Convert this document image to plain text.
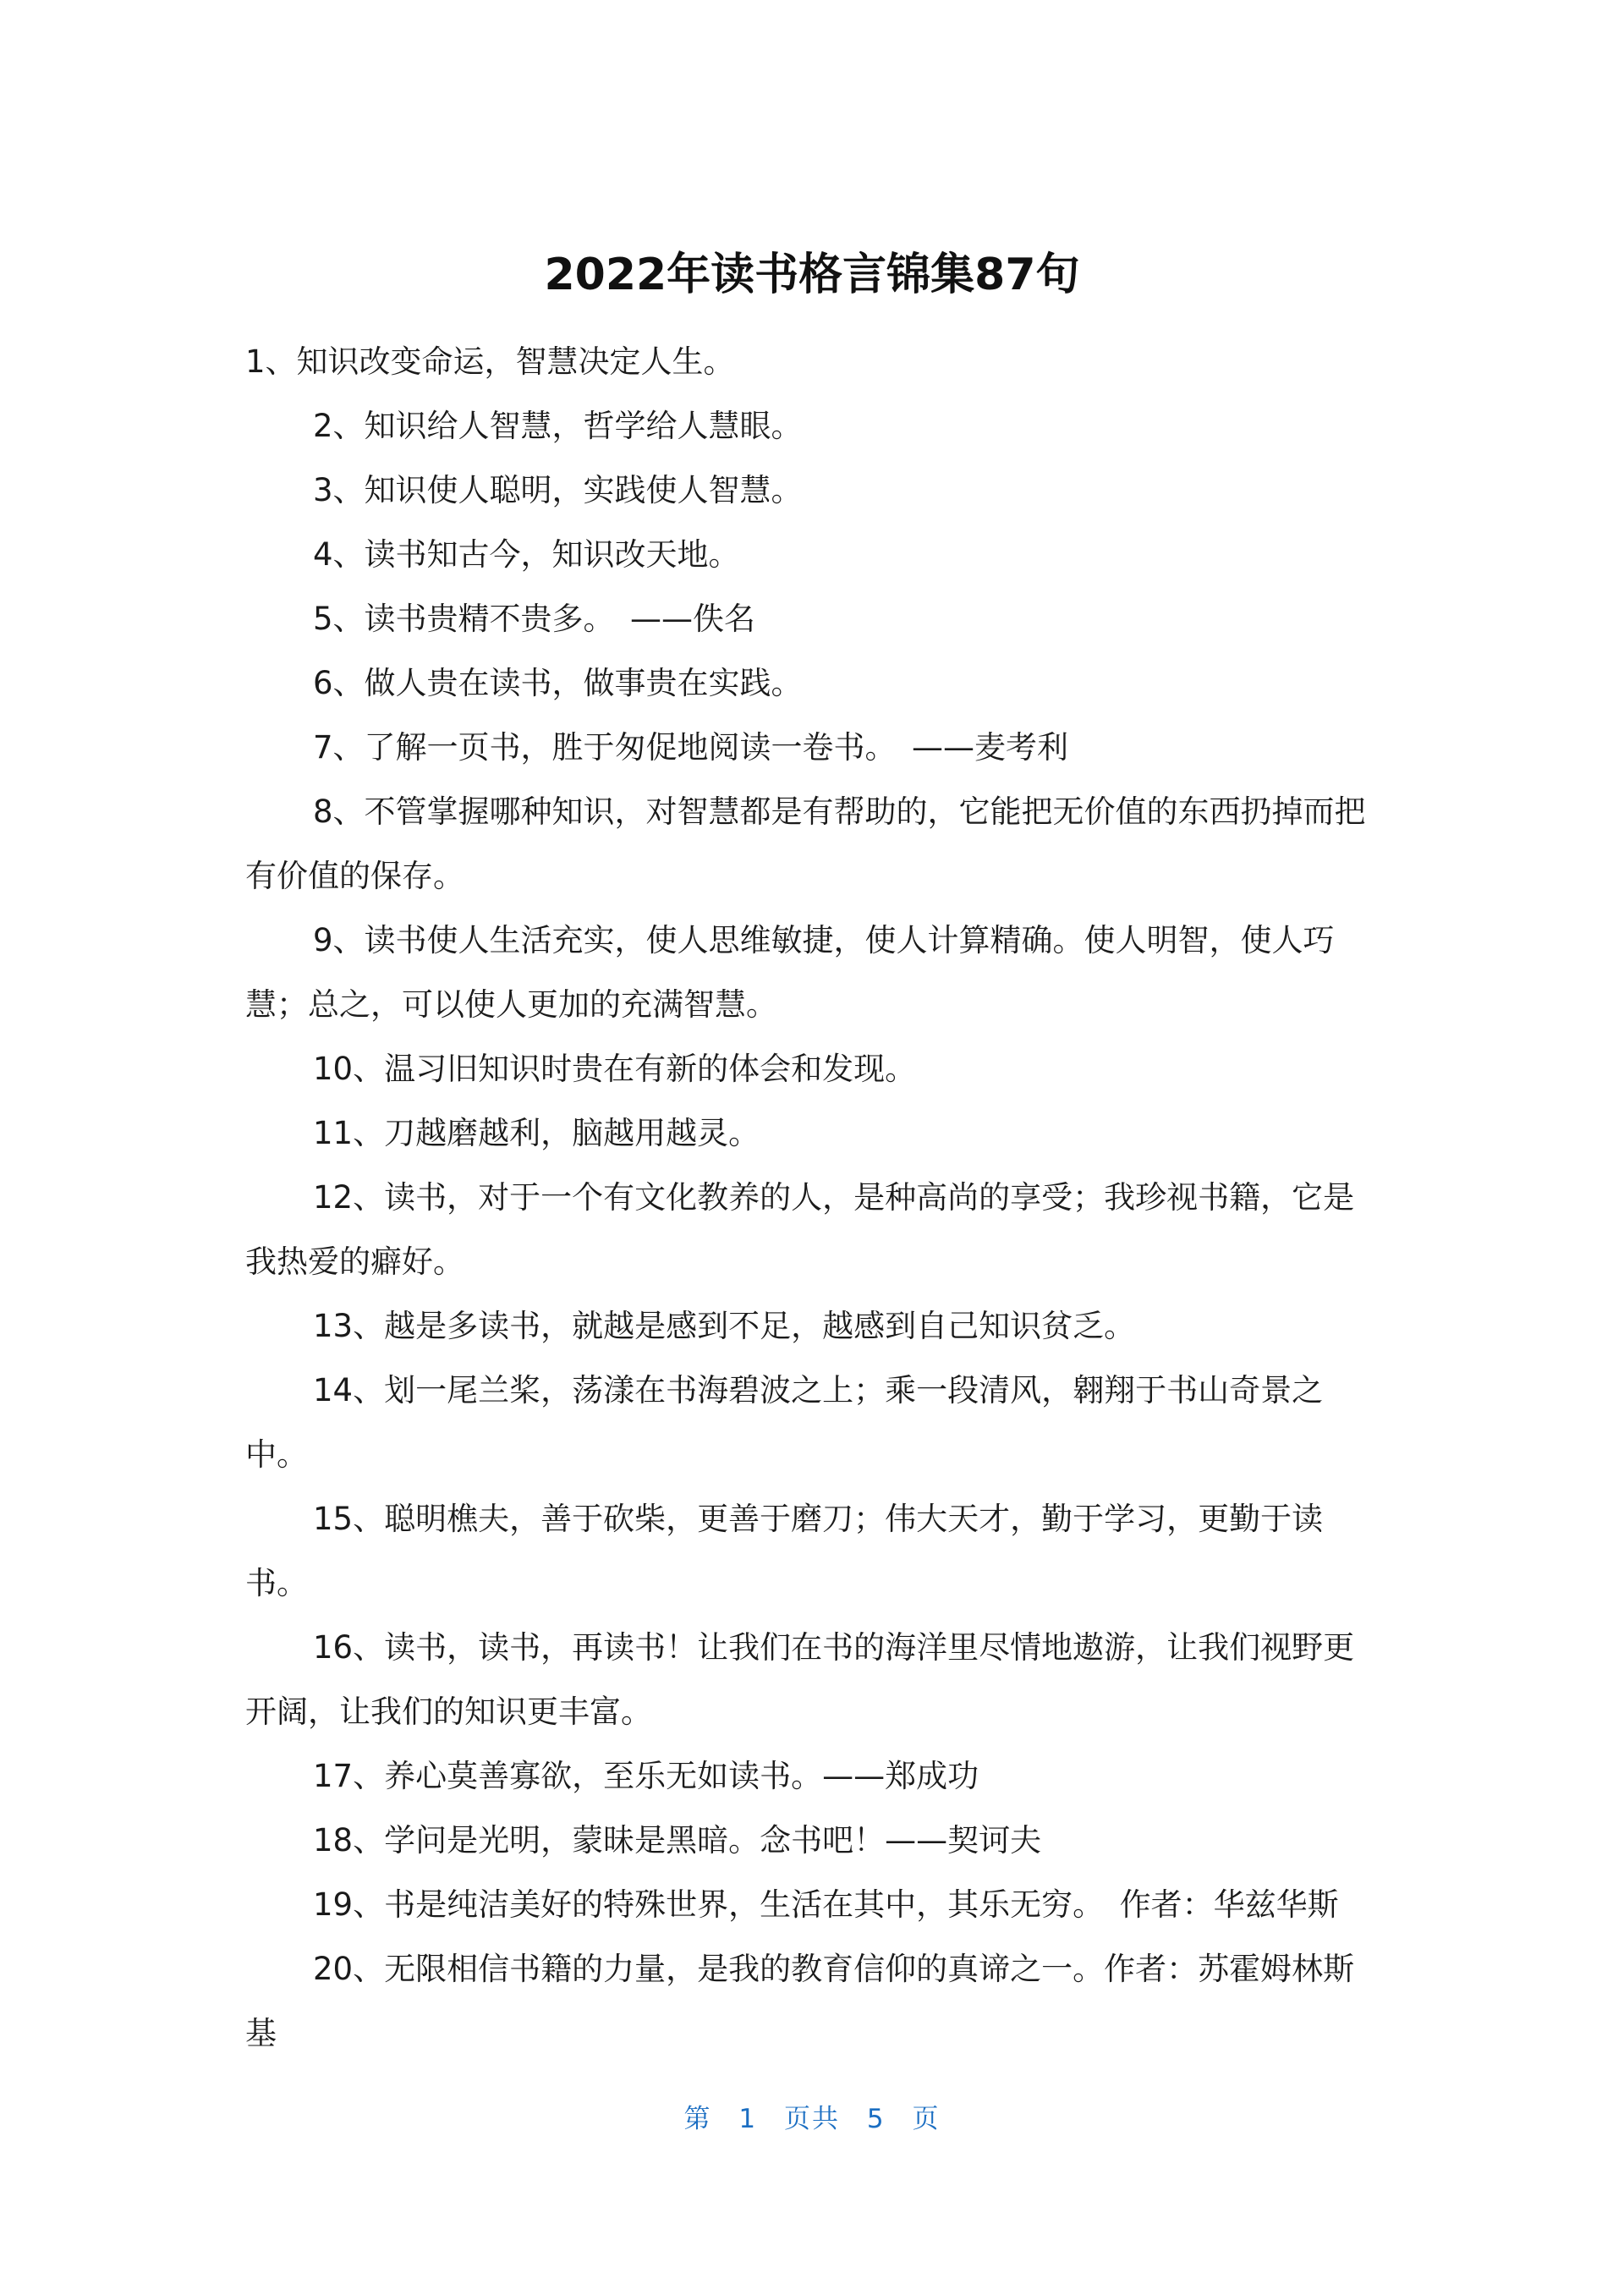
2022年读书格言锦集87句

1、知识改变命运，智慧决定人生。

2、知识给人智慧，哲学给人慧眼。

3、知识使人聪明，实践使人智慧。

4、读书知古今，知识改天地。

5、读书贵精不贵多。　——佚名

6、做人贵在读书，做事贵在实践。

7、了解一页书，胜于匆促地阅读一卷书。　——麦考利

8、不管掌握哪种知识，对智慧都是有帮助的，它能把无价值的东西扔掉而把有价值的保存。

9、读书使人生活充实，使人思维敏捷，使人计算精确。使人明智，使人巧慧；总之，可以使人更加的充满智慧。

10、温习旧知识时贵在有新的体会和发现。

11、刀越磨越利，脑越用越灵。

12、读书，对于一个有文化教养的人，是种高尚的享受；我珍视书籍，它是我热爱的癖好。

13、越是多读书，就越是感到不足，越感到自己知识贫乏。

14、划一尾兰桨，荡漾在书海碧波之上；乘一段清风，翱翔于书山奇景之中。

15、聪明樵夫，善于砍柴，更善于磨刀；伟大天才，勤于学习，更勤于读书。

16、读书，读书，再读书！让我们在书的海洋里尽情地遨游，让我们视野更开阔，让我们的知识更丰富。

17、养心莫善寡欲，至乐无如读书。——郑成功

18、学问是光明，蒙昧是黑暗。念书吧！——契诃夫

19、书是纯洁美好的特殊世界，生活在其中，其乐无穷。　作者：华兹华斯

20、无限相信书籍的力量，是我的教育信仰的真谛之一。作者：苏霍姆林斯基

第 1 页共 5 页
